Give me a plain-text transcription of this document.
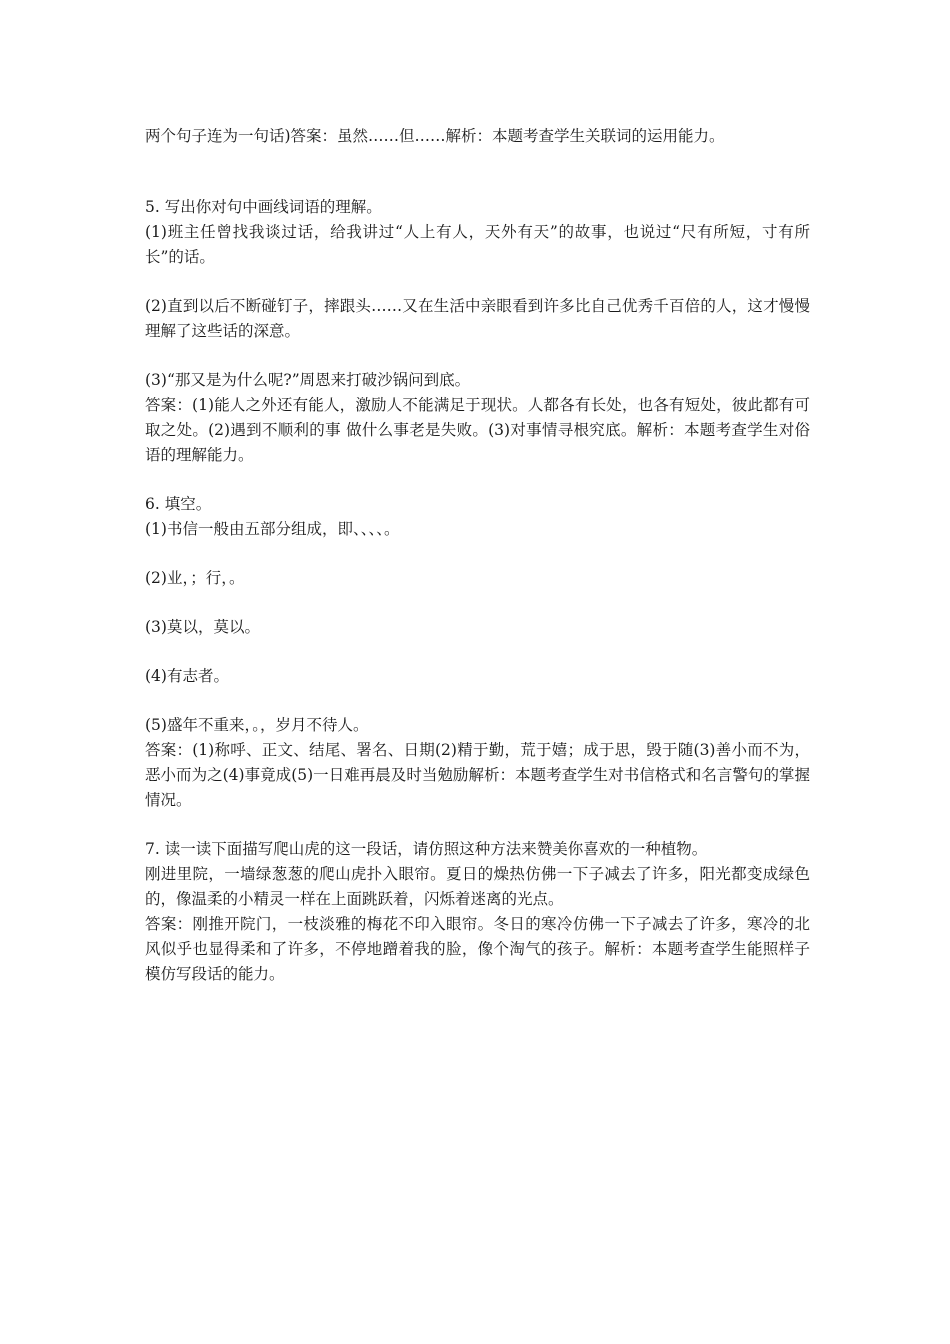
两个句子连为一句话)答案：虽然……但……解析：本题考查学生关联词的运用能力。
5. 写出你对句中画线词语的理解。
(1)班主任曾找我谈过话，给我讲过“人上有人，天外有天”的故事，也说过“尺有所短，寸有所长”的话。
(2)直到以后不断碰钉子，摔跟头……又在生活中亲眼看到许多比自己优秀千百倍的人，这才慢慢理解了这些话的深意。
(3)“那又是为什么呢?”周恩来打破沙锅问到底。
答案：(1)能人之外还有能人，激励人不能满足于现状。人都各有长处，也各有短处，彼此都有可取之处。(2)遇到不顺利的事 做什么事老是失败。(3)对事情寻根究底。解析：本题考查学生对俗语的理解能力。
6. 填空。
(1)书信一般由五部分组成，即、、、、。
(2)业，；行，。
(3)莫以，莫以。
(4)有志者。
(5)盛年不重来，。，岁月不待人。
答案：(1)称呼、正文、结尾、署名、日期(2)精于勤，荒于嬉；成于思，毁于随(3)善小而不为，恶小而为之(4)事竟成(5)一日难再晨及时当勉励解析：本题考查学生对书信格式和名言警句的掌握情况。
7. 读一读下面描写爬山虎的这一段话，请仿照这种方法来赞美你喜欢的一种植物。
刚进里院，一墙绿葱葱的爬山虎扑入眼帘。夏日的燥热仿佛一下子减去了许多，阳光都变成绿色的，像温柔的小精灵一样在上面跳跃着，闪烁着迷离的光点。
答案：刚推开院门，一枝淡雅的梅花不印入眼帘。冬日的寒冷仿佛一下子减去了许多，寒冷的北风似乎也显得柔和了许多，不停地蹭着我的脸，像个淘气的孩子。解析：本题考查学生能照样子模仿写段话的能力。
